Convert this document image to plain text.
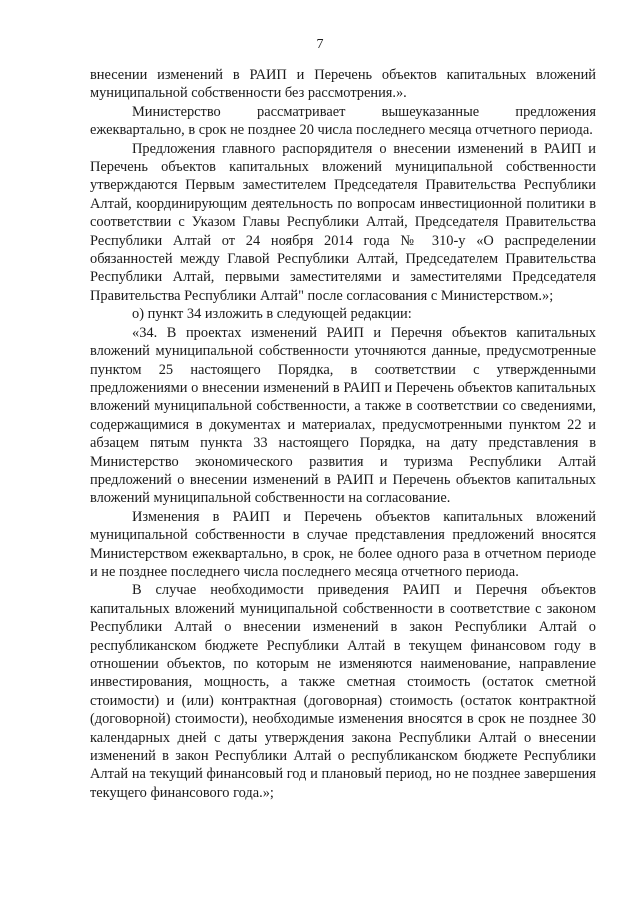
7

внесении изменений в РАИП и Перечень объектов капитальных вложений муниципальной собственности без рассмотрения.».

Министерство рассматривает вышеуказанные предложения ежеквартально, в срок не позднее 20 числа последнего месяца отчетного периода.

Предложения главного распорядителя о внесении изменений в РАИП и Перечень объектов капитальных вложений муниципальной собственности утверждаются Первым заместителем Председателя Правительства Республики Алтай, координирующим деятельность по вопросам инвестиционной политики в соответствии с Указом Главы Республики Алтай, Председателя Правительства Республики Алтай от 24 ноября 2014 года № 310-у «О распределении обязанностей между Главой Республики Алтай, Председателем Правительства Республики Алтай, первыми заместителями и заместителями Председателя Правительства Республики Алтай" после согласования с Министерством.»;

о) пункт 34 изложить в следующей редакции:

«34. В проектах изменений РАИП и Перечня объектов капитальных вложений муниципальной собственности уточняются данные, предусмотренные пунктом 25 настоящего Порядка, в соответствии с утвержденными предложениями о внесении изменений в РАИП и Перечень объектов капитальных вложений муниципальной собственности, а также в соответствии со сведениями, содержащимися в документах и материалах, предусмотренными пунктом 22 и абзацем пятым пункта 33 настоящего Порядка, на дату представления в Министерство экономического развития и туризма Республики Алтай предложений о внесении изменений в РАИП и Перечень объектов капитальных вложений муниципальной собственности на согласование.

Изменения в РАИП и Перечень объектов капитальных вложений муниципальной собственности в случае представления предложений вносятся Министерством ежеквартально, в срок, не более одного раза в отчетном периоде и не позднее последнего числа последнего месяца отчетного периода.

В случае необходимости приведения РАИП и Перечня объектов капитальных вложений муниципальной собственности в соответствие с законом Республики Алтай о внесении изменений в закон Республики Алтай о республиканском бюджете Республики Алтай в текущем финансовом году в отношении объектов, по которым не изменяются наименование, направление инвестирования, мощность, а также сметная стоимость (остаток сметной стоимости) и (или) контрактная (договорная) стоимость (остаток контрактной (договорной) стоимости), необходимые изменения вносятся в срок не позднее 30 календарных дней с даты утверждения закона Республики Алтай о внесении изменений в закон Республики Алтай о республиканском бюджете Республики Алтай на текущий финансовый год и плановый период, но не позднее завершения текущего финансового года.»;
